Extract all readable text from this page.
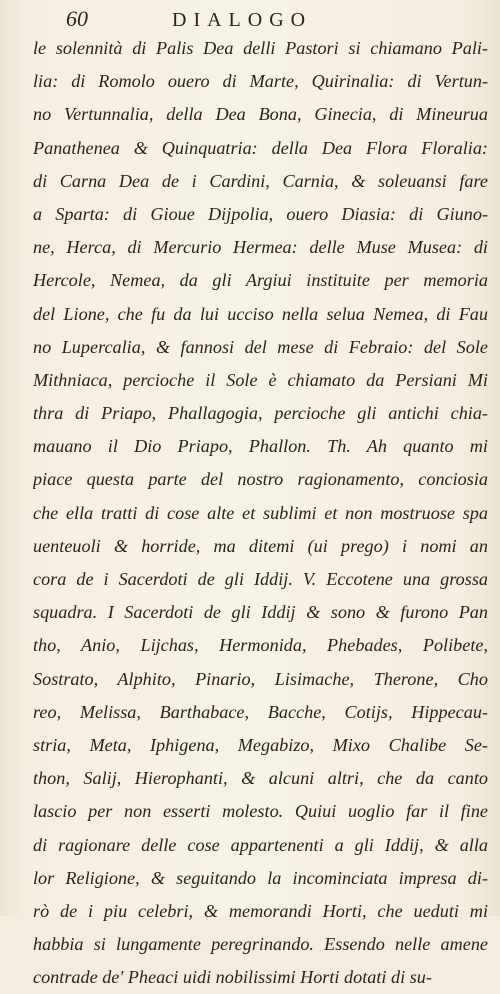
60	DIALOGO
le solennità di Palis Dea delli Pastori si chiamano Pali-
lia: di Romolo ouero di Marte, Quirinalia: di Vertun-
no Vertunnalia, della Dea Bona, Ginecia, di Mineurua
Panathenea & Quinquatria: della Dea Flora Floralia:
di Carna Dea de i Cardini, Carnia, & soleuansi fare
a Sparta: di Gioue Dijpolia, ouero Diasia: di Giuno-
ne, Herca, di Mercurio Hermea: delle Muse Musea: di
Hercole, Nemea, da gli Argiui instituite per memoria
del Lione, che fu da lui ucciso nella selua Nemea, di Fau
no Lupercalia, & fannosi del mese di Febraio: del Sole
Mithniaca, percioche il Sole è chiamato da Persiani Mi
thra di Priapo, Phallagogia, percioche gli antichi chia-
mauano il Dio Priapo, Phallon. Th. Ah quanto mi
piace questa parte del nostro ragionamento, conciosia
che ella tratti di cose alte et sublimi et non mostruose spa
uenteuoli & horride, ma ditemi (ui prego) i nomi an
cora de i Sacerdoti de gli Iddij. V. Eccotene una grossa
squadra. I Sacerdoti de gli Iddij & sono & furono Pan
tho, Anio, Lijchas, Hermonida, Phebades, Polibete,
Sostrato, Alphito, Pinario, Lisimache, Therone, Cho
reo, Melissa, Barthabace, Bacche, Cotijs, Hippecau-
stria, Meta, Iphigena, Megabizo, Mixo Chalibe Se-
thon, Salij, Hierophanti, & alcuni altri, che da canto
lascio per non esserti molesto. Quiui uoglio far il fine
di ragionare delle cose appartenenti a gli Iddij, & alla
lor Religione, & seguitando la incominciata impresa di-
rò de i piu celebri, & memorandi Horti, che ueduti mi
habbia si lungamente peregrinando. Essendo nelle amene
contrade de' Pheaci uidi nobilissimi Horti dotati di su-
